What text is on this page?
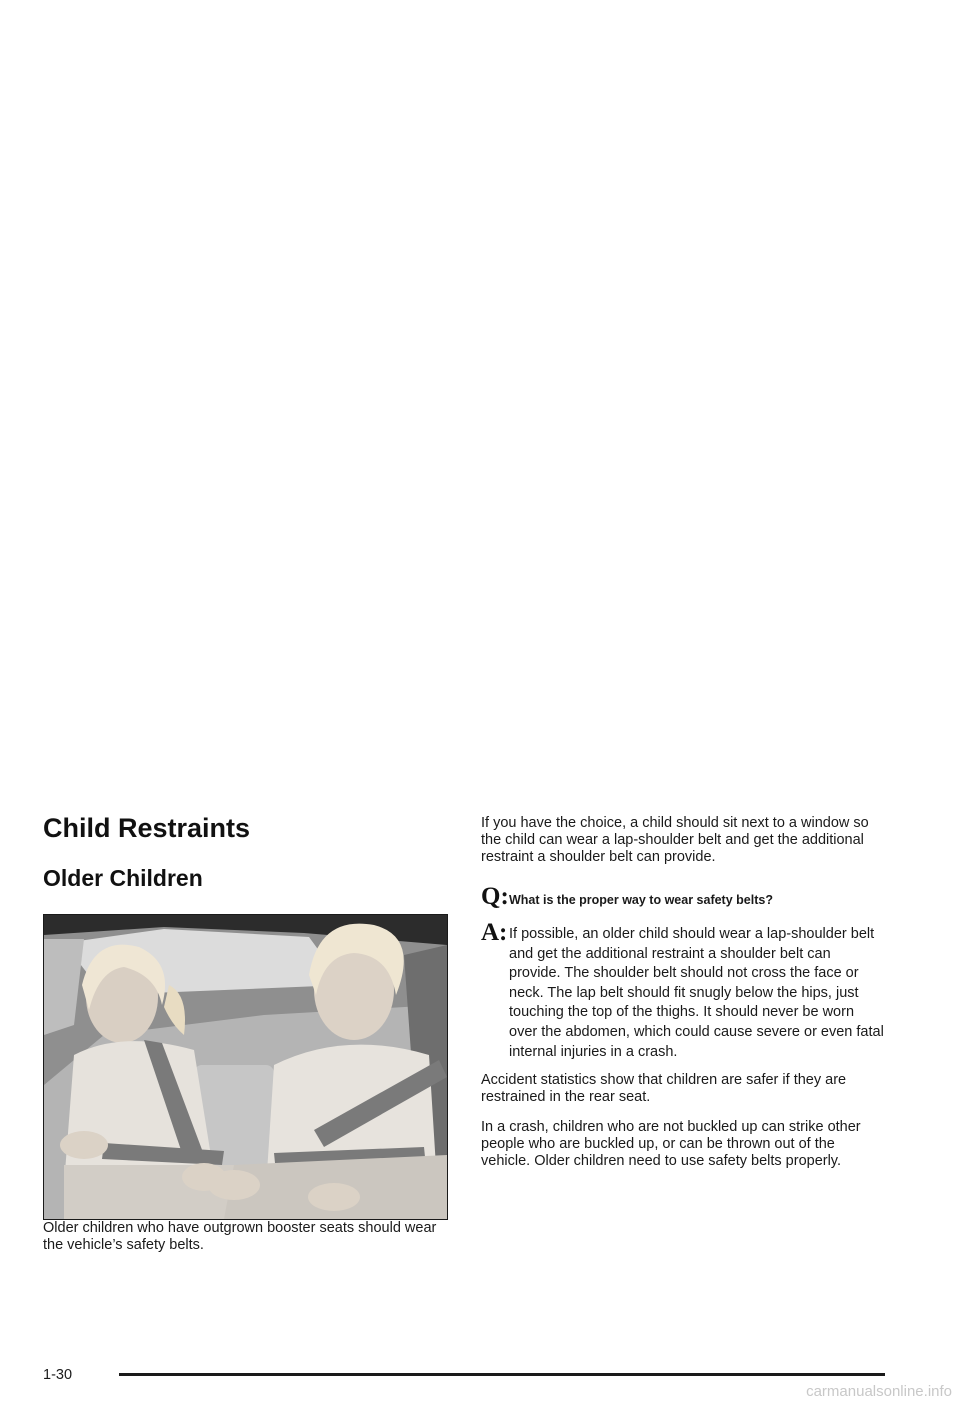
Child Restraints
Older Children

Older children who have outgrown booster seats should wear the vehicle’s safety belts.

If you have the choice, a child should sit next to a window so the child can wear a lap-shoulder belt and get the additional restraint a shoulder belt can provide.

Q: What is the proper way to wear safety belts?
A: If possible, an older child should wear a lap-shoulder belt and get the additional restraint a shoulder belt can provide. The shoulder belt should not cross the face or neck. The lap belt should fit snugly below the hips, just touching the top of the thighs. It should never be worn over the abdomen, which could cause severe or even fatal internal injuries in a crash.

Accident statistics show that children are safer if they are restrained in the rear seat.

In a crash, children who are not buckled up can strike other people who are buckled up, or can be thrown out of the vehicle. Older children need to use safety belts properly.

1-30
carmanualsonline.info
